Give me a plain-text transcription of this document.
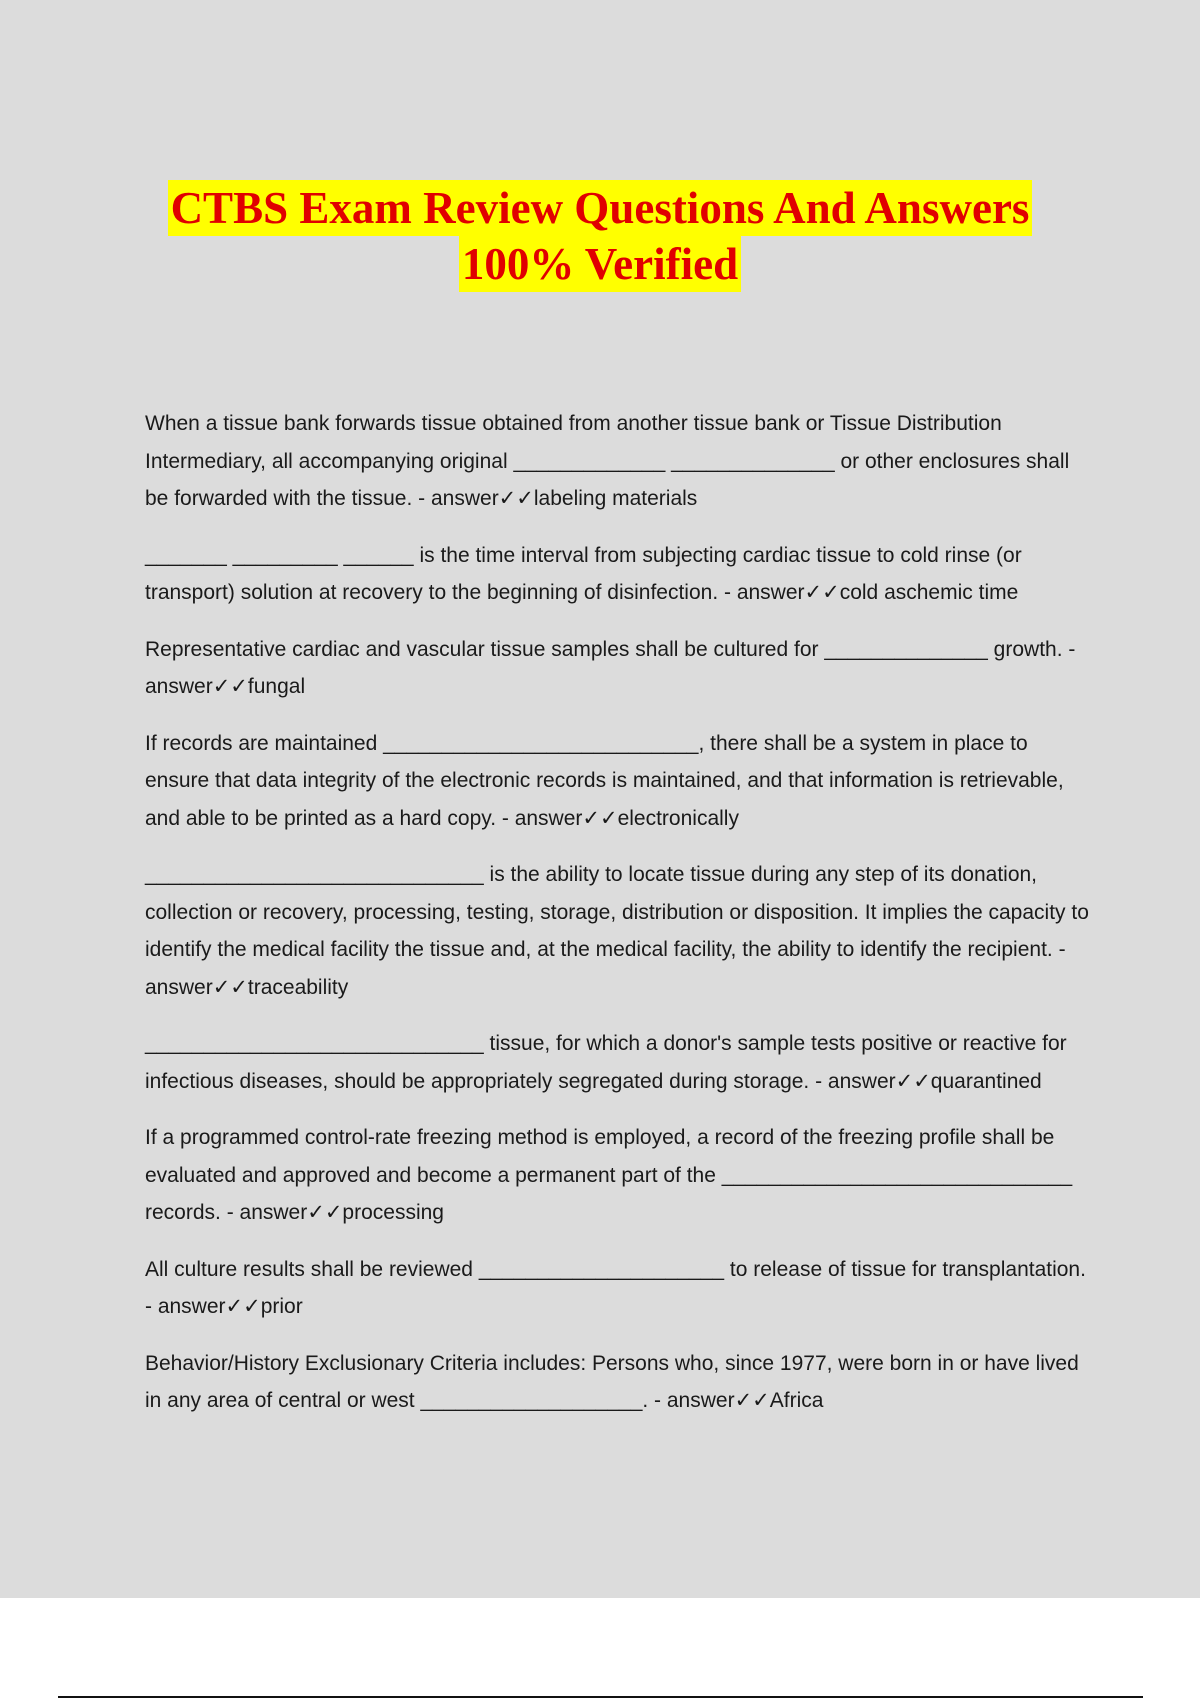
CTBS Exam Review Questions And Answers
100% Verified

When a tissue bank forwards tissue obtained from another tissue bank or Tissue Distribution Intermediary, all accompanying original _____________ ______________ or other enclosures shall be forwarded with the tissue. - answer✓✓labeling materials

_______ _________ ______ is the time interval from subjecting cardiac tissue to cold rinse (or transport) solution at recovery to the beginning of disinfection. - answer✓✓cold aschemic time

Representative cardiac and vascular tissue samples shall be cultured for ______________ growth. - answer✓✓fungal

If records are maintained ___________________________, there shall be a system in place to ensure that data integrity of the electronic records is maintained, and that information is retrievable, and able to be printed as a hard copy. - answer✓✓electronically

_____________________________ is the ability to locate tissue during any step of its donation, collection or recovery, processing, testing, storage, distribution or disposition. It implies the capacity to identify the medical facility the tissue and, at the medical facility, the ability to identify the recipient. - answer✓✓traceability

_____________________________ tissue, for which a donor's sample tests positive or reactive for infectious diseases, should be appropriately segregated during storage. - answer✓✓quarantined

If a programmed control-rate freezing method is employed, a record of the freezing profile shall be evaluated and approved and become a permanent part of the ______________________________ records. - answer✓✓processing

All culture results shall be reviewed _____________________ to release of tissue for transplantation. - answer✓✓prior

Behavior/History Exclusionary Criteria includes: Persons who, since 1977, were born in or have lived in any area of central or west ___________________. - answer✓✓Africa
